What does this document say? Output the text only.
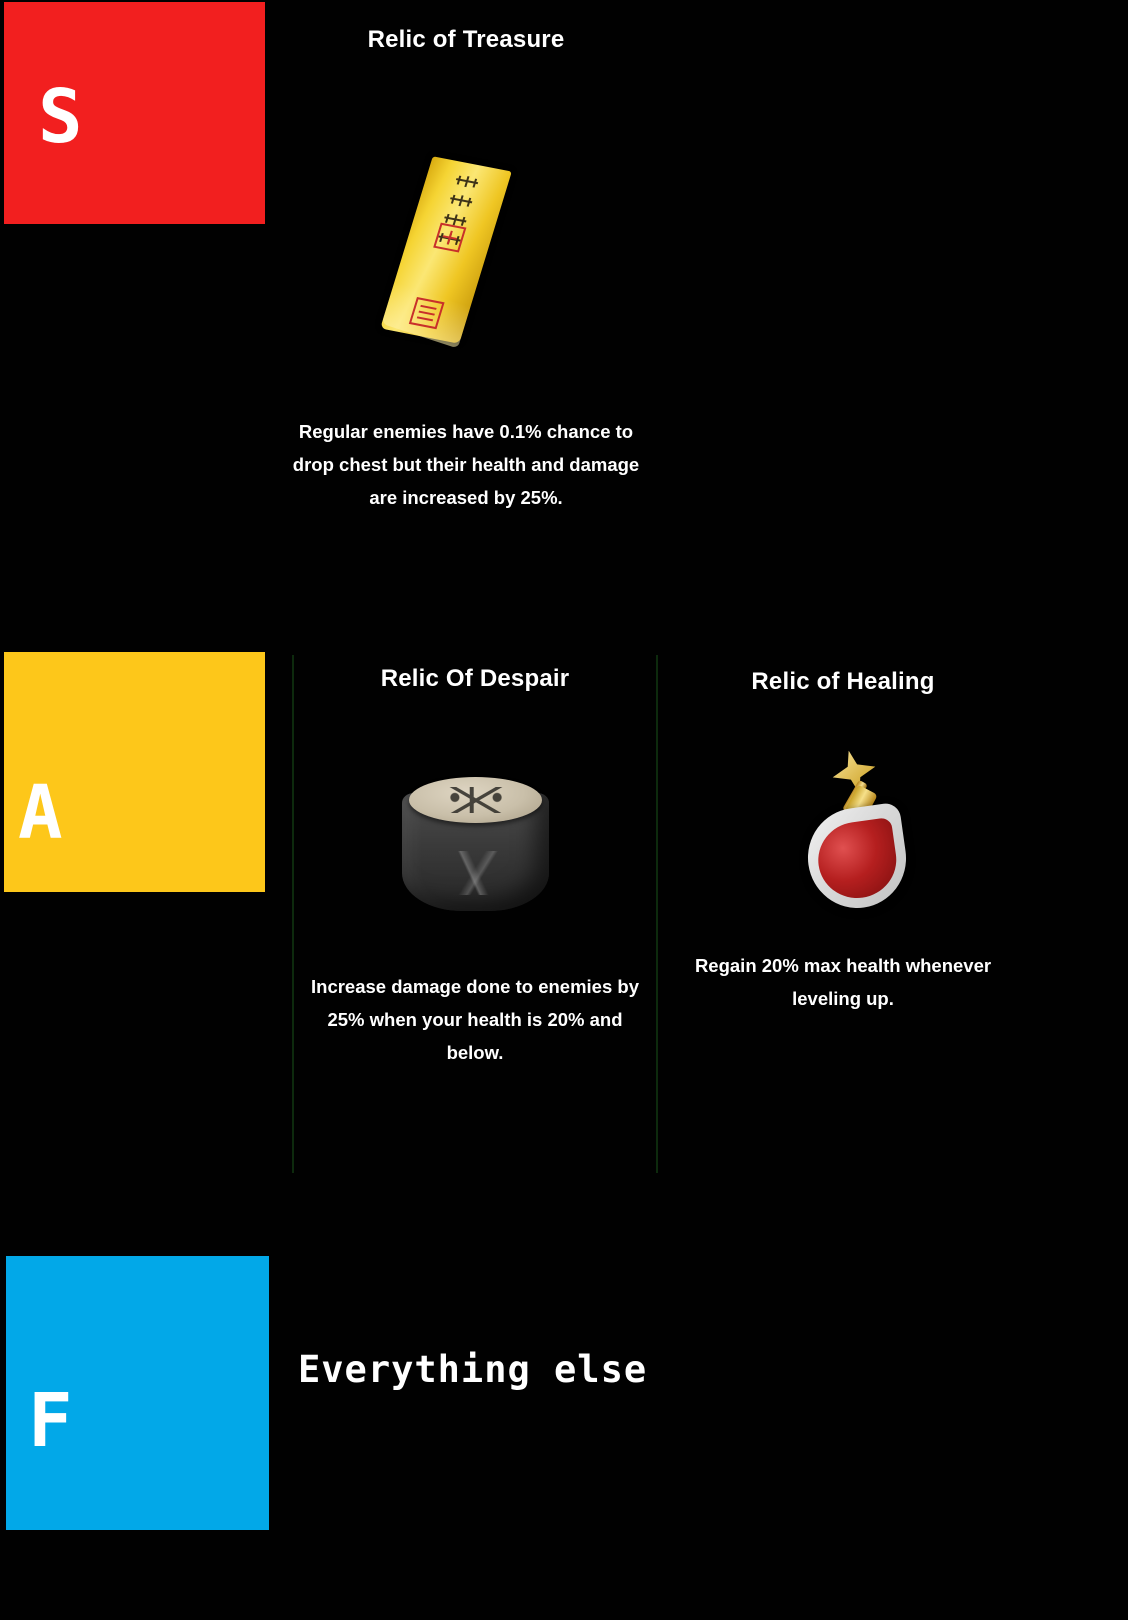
S
Relic of Treasure
Regular enemies have 0.1% chance to drop chest but their health and damage are increased by 25%.
A
Relic Of Despair
Increase damage done to enemies by 25% when your health is 20% and below.
Relic of Healing
Regain 20% max health whenever leveling up.
F
Everything else
